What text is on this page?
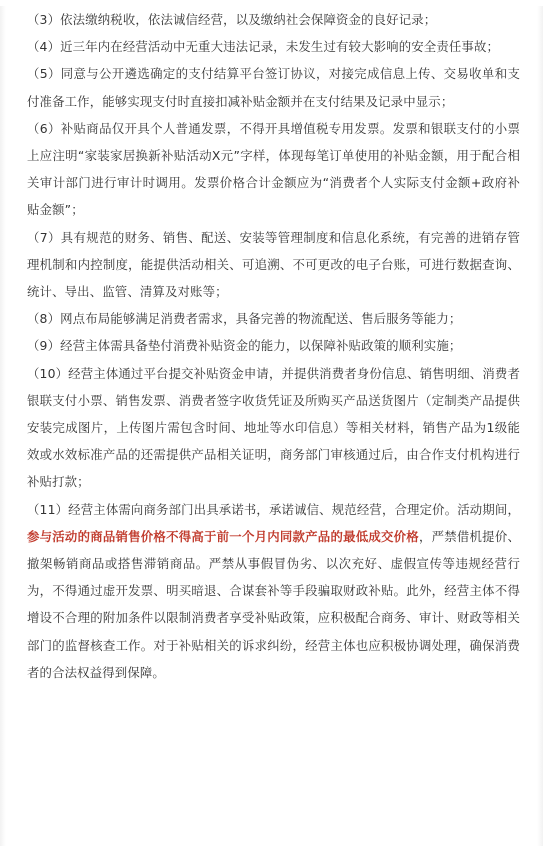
（3）依法缴纳税收，依法诚信经营，以及缴纳社会保障资金的良好记录；

（4）近三年内在经营活动中无重大违法记录，未发生过有较大影响的安全责任事故；

（5）同意与公开遴选确定的支付结算平台签订协议，对接完成信息上传、交易收单和支付准备工作，能够实现支付时直接扣减补贴金额并在支付结果及记录中显示；

（6）补贴商品仅开具个人普通发票，不得开具增值税专用发票。发票和银联支付的小票上应注明“家装家居换新补贴活动X元”字样，体现每笔订单使用的补贴金额，用于配合相关审计部门进行审计时调用。发票价格合计金额应为“消费者个人实际支付金额+政府补贴金额”；

（7）具有规范的财务、销售、配送、安装等管理制度和信息化系统，有完善的进销存管理机制和内控制度，能提供活动相关、可追溯、不可更改的电子台账，可进行数据查询、统计、导出、监管、清算及对账等；

（8）网点布局能够满足消费者需求，具备完善的物流配送、售后服务等能力；

（9）经营主体需具备垫付消费补贴资金的能力，以保障补贴政策的顺利实施；

（10）经营主体通过平台提交补贴资金申请，并提供消费者身份信息、销售明细、消费者银联支付小票、销售发票、消费者签字收货凭证及所购买产品送货图片（定制类产品提供安装完成图片，上传图片需包含时间、地址等水印信息）等相关材料，销售产品为1级能效或水效标准产品的还需提供产品相关证明，商务部门审核通过后，由合作支付机构进行补贴打款；

（11）经营主体需向商务部门出具承诺书，承诺诚信、规范经营，合理定价。活动期间，参与活动的商品销售价格不得高于前一个月内同款产品的最低成交价格，严禁借机提价、撤架畅销商品或搭售滞销商品。严禁从事假冒伪劣、以次充好、虚假宣传等违规经营行为，不得通过虚开发票、明买暗退、合谋套补等手段骗取财政补贴。此外，经营主体不得增设不合理的附加条件以限制消费者享受补贴政策，应积极配合商务、审计、财政等相关部门的监督核查工作。对于补贴相关的诉求纠纷，经营主体也应积极协调处理，确保消费者的合法权益得到保障。
